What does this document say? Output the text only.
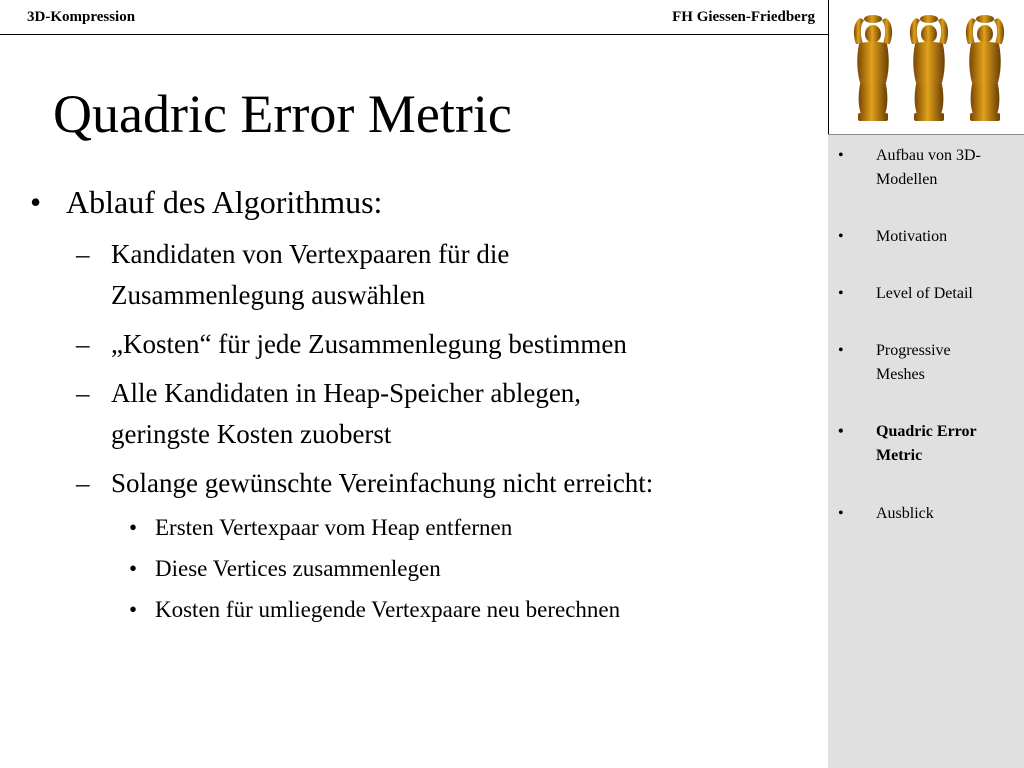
3D-Kompression	FH Giessen-Friedberg
Quadric Error Metric
• Ablauf des Algorithmus:
– Kandidaten von Vertexpaaren für die
Zusammenlegung auswählen
– „Kosten“ für jede Zusammenlegung bestimmen
– Alle Kandidaten in Heap-Speicher ablegen,
geringste Kosten zuoberst
– Solange gewünschte Vereinfachung nicht erreicht:
• Ersten Vertexpaar vom Heap entfernen
• Diese Vertices zusammenlegen
• Kosten für umliegende Vertexpaare neu berechnen
• Aufbau von 3D-
Modellen
• Motivation
• Level of Detail
• Progressive
Meshes
• Quadric Error
Metric
• Ausblick
